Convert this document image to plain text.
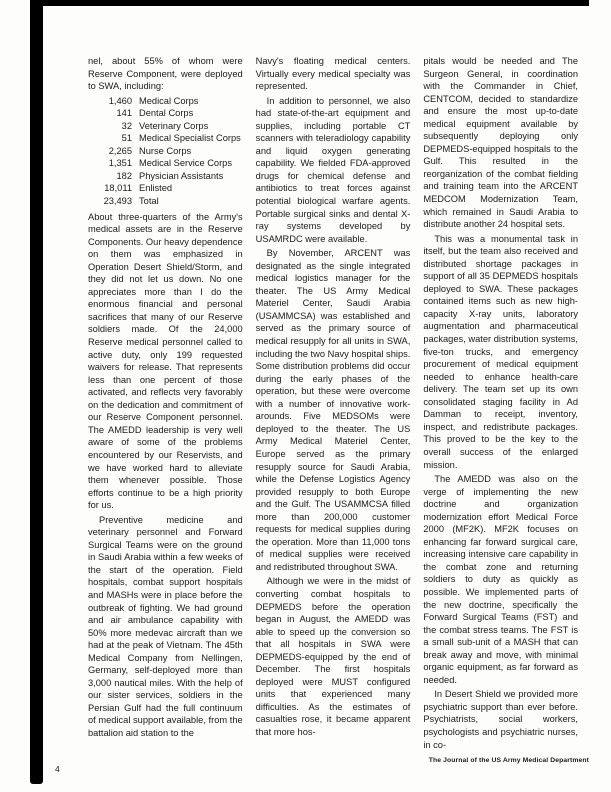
nel, about 55% of whom were Reserve Component, were deployed to SWA, including:

1,460 Medical Corps
141 Dental Corps
32 Veterinary Corps
51 Medical Specialist Corps
2,265 Nurse Corps
1,351 Medical Service Corps
182 Physician Assistants
18,011 Enlisted
23,493 Total

About three-quarters of the Army's medical assets are in the Reserve Components. Our heavy dependence on them was emphasized in Operation Desert Shield/Storm, and they did not let us down. No one appreciates more than I do the enormous financial and personal sacrifices that many of our Reserve soldiers made. Of the 24,000 Reserve medical personnel called to active duty, only 199 requested waivers for release. That represents less than one percent of those activated, and reflects very favorably on the dedication and commitment of our Reserve Component personnel. The AMEDD leadership is very well aware of some of the problems encountered by our Reservists, and we have worked hard to alleviate them whenever possible. Those efforts continue to be a high priority for us.

Preventive medicine and veterinary personnel and Forward Surgical Teams were on the ground in Saudi Arabia within a few weeks of the start of the operation. Field hospitals, combat support hospitals and MASHs were in place before the outbreak of fighting. We had ground and air ambulance capability with 50% more medevac aircraft than we had at the peak of Vietnam. The 45th Medical Company from Nellingen, Germany, self-deployed more than 3,000 nautical miles. With the help of our sister services, soldiers in the Persian Gulf had the full continuum of medical support available, from the battalion aid station to the

Navy's floating medical centers. Virtually every medical specialty was represented.

In addition to personnel, we also had state-of-the-art equipment and supplies, including portable CT scanners with teleradiology capability and liquid oxygen generating capability. We fielded FDA-approved drugs for chemical defense and antibiotics to treat forces against potential biological warfare agents. Portable surgical sinks and dental X-ray systems developed by USAMRDC were available.

By November, ARCENT was designated as the single integrated medical logistics manager for the theater. The US Army Medical Materiel Center, Saudi Arabia (USAMMCSA) was established and served as the primary source of medical resupply for all units in SWA, including the two Navy hospital ships. Some distribution problems did occur during the early phases of the operation, but these were overcome with a number of innovative work-arounds. Five MEDSOMs were deployed to the theater. The US Army Medical Materiel Center, Europe served as the primary resupply source for Saudi Arabia, while the Defense Logistics Agency provided resupply to both Europe and the Gulf. The USAMMCSA filled more than 200,000 customer requests for medical supplies during the operation. More than 11,000 tons of medical supplies were received and redistributed throughout SWA.

Although we were in the midst of converting combat hospitals to DEPMEDS before the operation began in August, the AMEDD was able to speed up the conversion so that all hospitals in SWA were DEPMEDS-equipped by the end of December. The first hospitals deployed were MUST configured units that experienced many difficulties. As the estimates of casualties rose, it became apparent that more hos-

pitals would be needed and The Surgeon General, in coordination with the Commander in Chief, CENTCOM, decided to standardize and ensure the most up-to-date medical equipment available by subsequently deploying only DEPMEDS-equipped hospitals to the Gulf. This resulted in the reorganization of the combat fielding and training team into the ARCENT MEDCOM Modernization Team, which remained in Saudi Arabia to distribute another 24 hospital sets.

This was a monumental task in itself, but the team also received and distributed shortage packages in support of all 35 DEPMEDS hospitals deployed to SWA. These packages contained items such as new high-capacity X-ray units, laboratory augmentation and pharmaceutical packages, water distribution systems, five-ton trucks, and emergency procurement of medical equipment needed to enhance health-care delivery. The team set up its own consolidated staging facility in Ad Damman to receipt, inventory, inspect, and redistribute packages. This proved to be the key to the overall success of the enlarged mission.

The AMEDD was also on the verge of implementing the new doctrine and organization modernization effort Medical Force 2000 (MF2K). MF2K focuses on enhancing far forward surgical care, increasing intensive care capability in the combat zone and returning soldiers to duty as quickly as possible. We implemented parts of the new doctrine, specifically the Forward Surgical Teams (FST) and the combat stress teams. The FST is a small sub-unit of a MASH that can break away and move, with minimal organic equipment, as far forward as needed.

In Desert Shield we provided more psychiatric support than ever before. Psychiatrists, social workers, psychologists and psychiatric nurses, in co-

4
The Journal of the US Army Medical Department
